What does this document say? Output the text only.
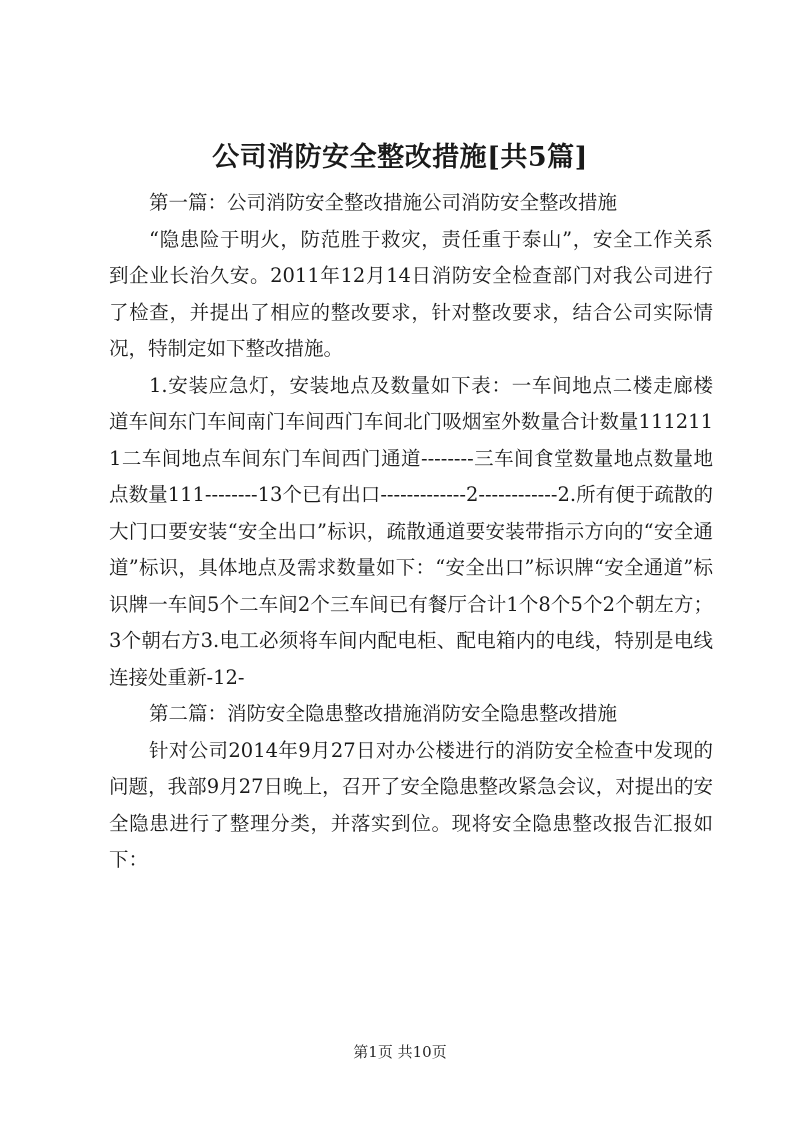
公司消防安全整改措施[共5篇]

第一篇：公司消防安全整改措施公司消防安全整改措施

“隐患险于明火，防范胜于救灾，责任重于泰山”，安全工作关系到企业长治久安。2011年12月14日消防安全检查部门对我公司进行了检查，并提出了相应的整改要求，针对整改要求，结合公司实际情况，特制定如下整改措施。

1.安装应急灯，安装地点及数量如下表：一车间地点二楼走廊楼道车间东门车间南门车间西门车间北门吸烟室外数量合计数量1112111二车间地点车间东门车间西门通道--------三车间食堂数量地点数量地点数量111--------13个已有出口-------------2------------2.所有便于疏散的大门口要安装“安全出口”标识，疏散通道要安装带指示方向的“安全通道”标识，具体地点及需求数量如下：“安全出口”标识牌“安全通道”标识牌一车间5个二车间2个三车间已有餐厅合计1个8个5个2个朝左方；3个朝右方3.电工必须将车间内配电柜、配电箱内的电线，特别是电线连接处重新-12-

第二篇：消防安全隐患整改措施消防安全隐患整改措施

针对公司2014年9月27日对办公楼进行的消防安全检查中发现的问题，我部9月27日晚上，召开了安全隐患整改紧急会议，对提出的安全隐患进行了整理分类，并落实到位。现将安全隐患整改报告汇报如下：

第1页 共10页
